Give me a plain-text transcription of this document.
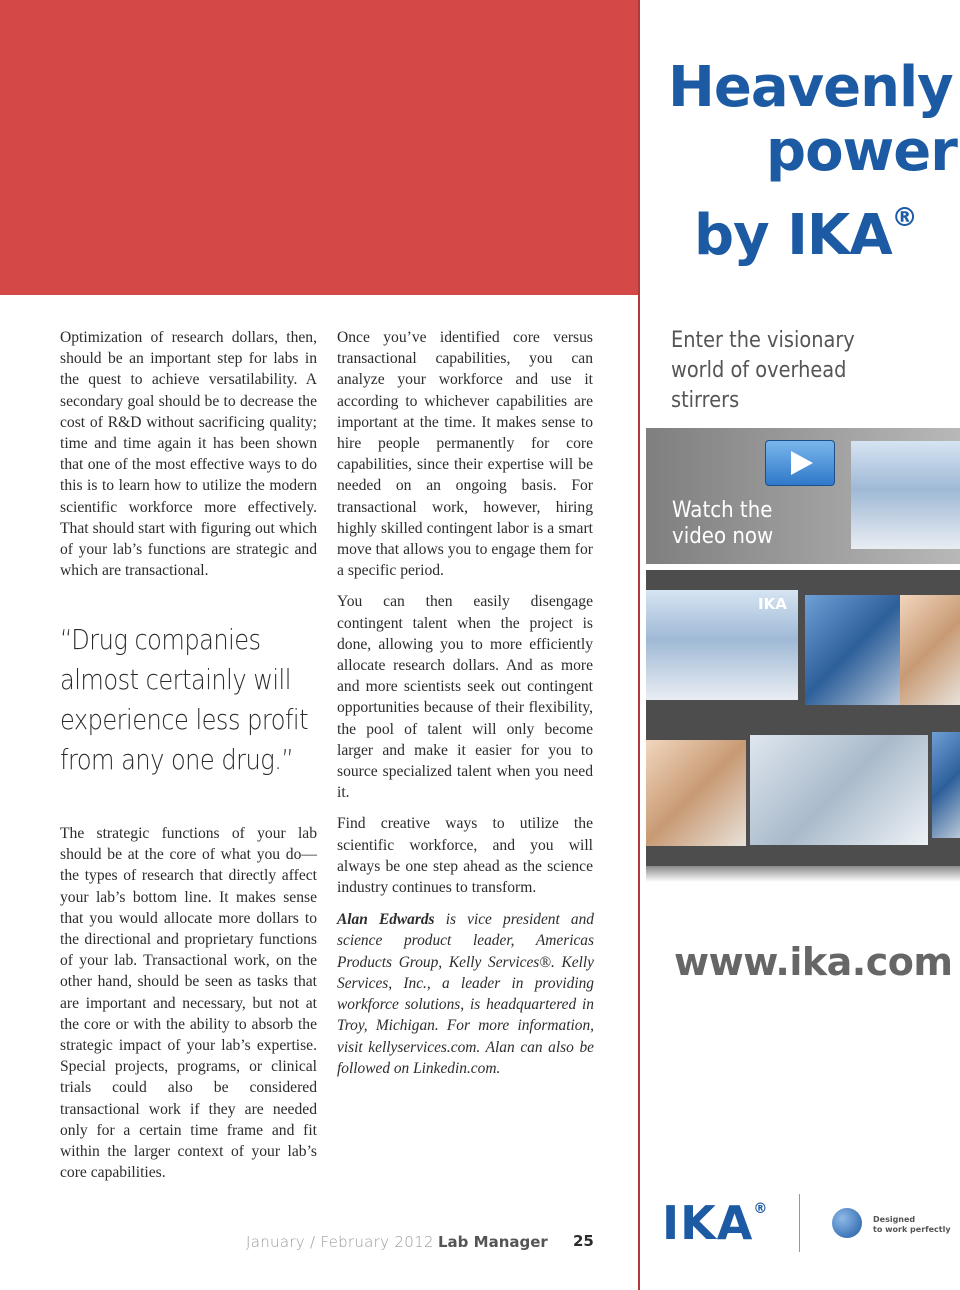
Optimization of research dollars, then, should be an important step for labs in the quest to achieve versatilability. A secondary goal should be to decrease the cost of R&D without sacrificing quality; time and time again it has been shown that one of the most effective ways to do this is to learn how to utilize the modern scientific workforce more effectively. That should start with figuring out which of your lab’s functions are strategic and which are transactional.

“Drug companies almost certainly will experience less profit from any one drug.”

The strategic functions of your lab should be at the core of what you do—the types of research that directly affect your lab’s bottom line. It makes sense that you would allocate more dollars to the directional and proprietary functions of your lab. Transactional work, on the other hand, should be seen as tasks that are important and necessary, but not at the core or with the ability to absorb the strategic impact of your lab’s expertise. Special projects, programs, or clinical trials could also be considered transactional work if they are needed only for a certain time frame and fit within the larger context of your lab’s core capabilities.

Once you’ve identified core versus transactional capabilities, you can analyze your workforce and use it according to whichever capabilities are important at the time. It makes sense to hire people permanently for core capabilities, since their expertise will be needed on an ongoing basis. For transactional work, however, hiring highly skilled contingent labor is a smart move that allows you to engage them for a specific period.

You can then easily disengage contingent talent when the project is done, allowing you to more efficiently allocate research dollars. And as more and more scientists seek out contingent opportunities because of their flexibility, the pool of talent will only become larger and make it easier for you to source specialized talent when you need it.

Find creative ways to utilize the scientific workforce, and you will always be one step ahead as the science industry continues to transform.

Alan Edwards is vice president and science product leader, Americas Products Group, Kelly Services®. Kelly Services, Inc., a leader in providing workforce solutions, is headquartered in Troy, Michigan. For more information, visit kellyservices.com. Alan can also be followed on Linkedin.com.
January / February 2012 Lab Manager 25
Heavenly
power
by IKA®
Enter the visionary
world of overhead stirrers
Watch the
video now
IKA
www.ika.com
IKA®
Designed
to work perfectly
